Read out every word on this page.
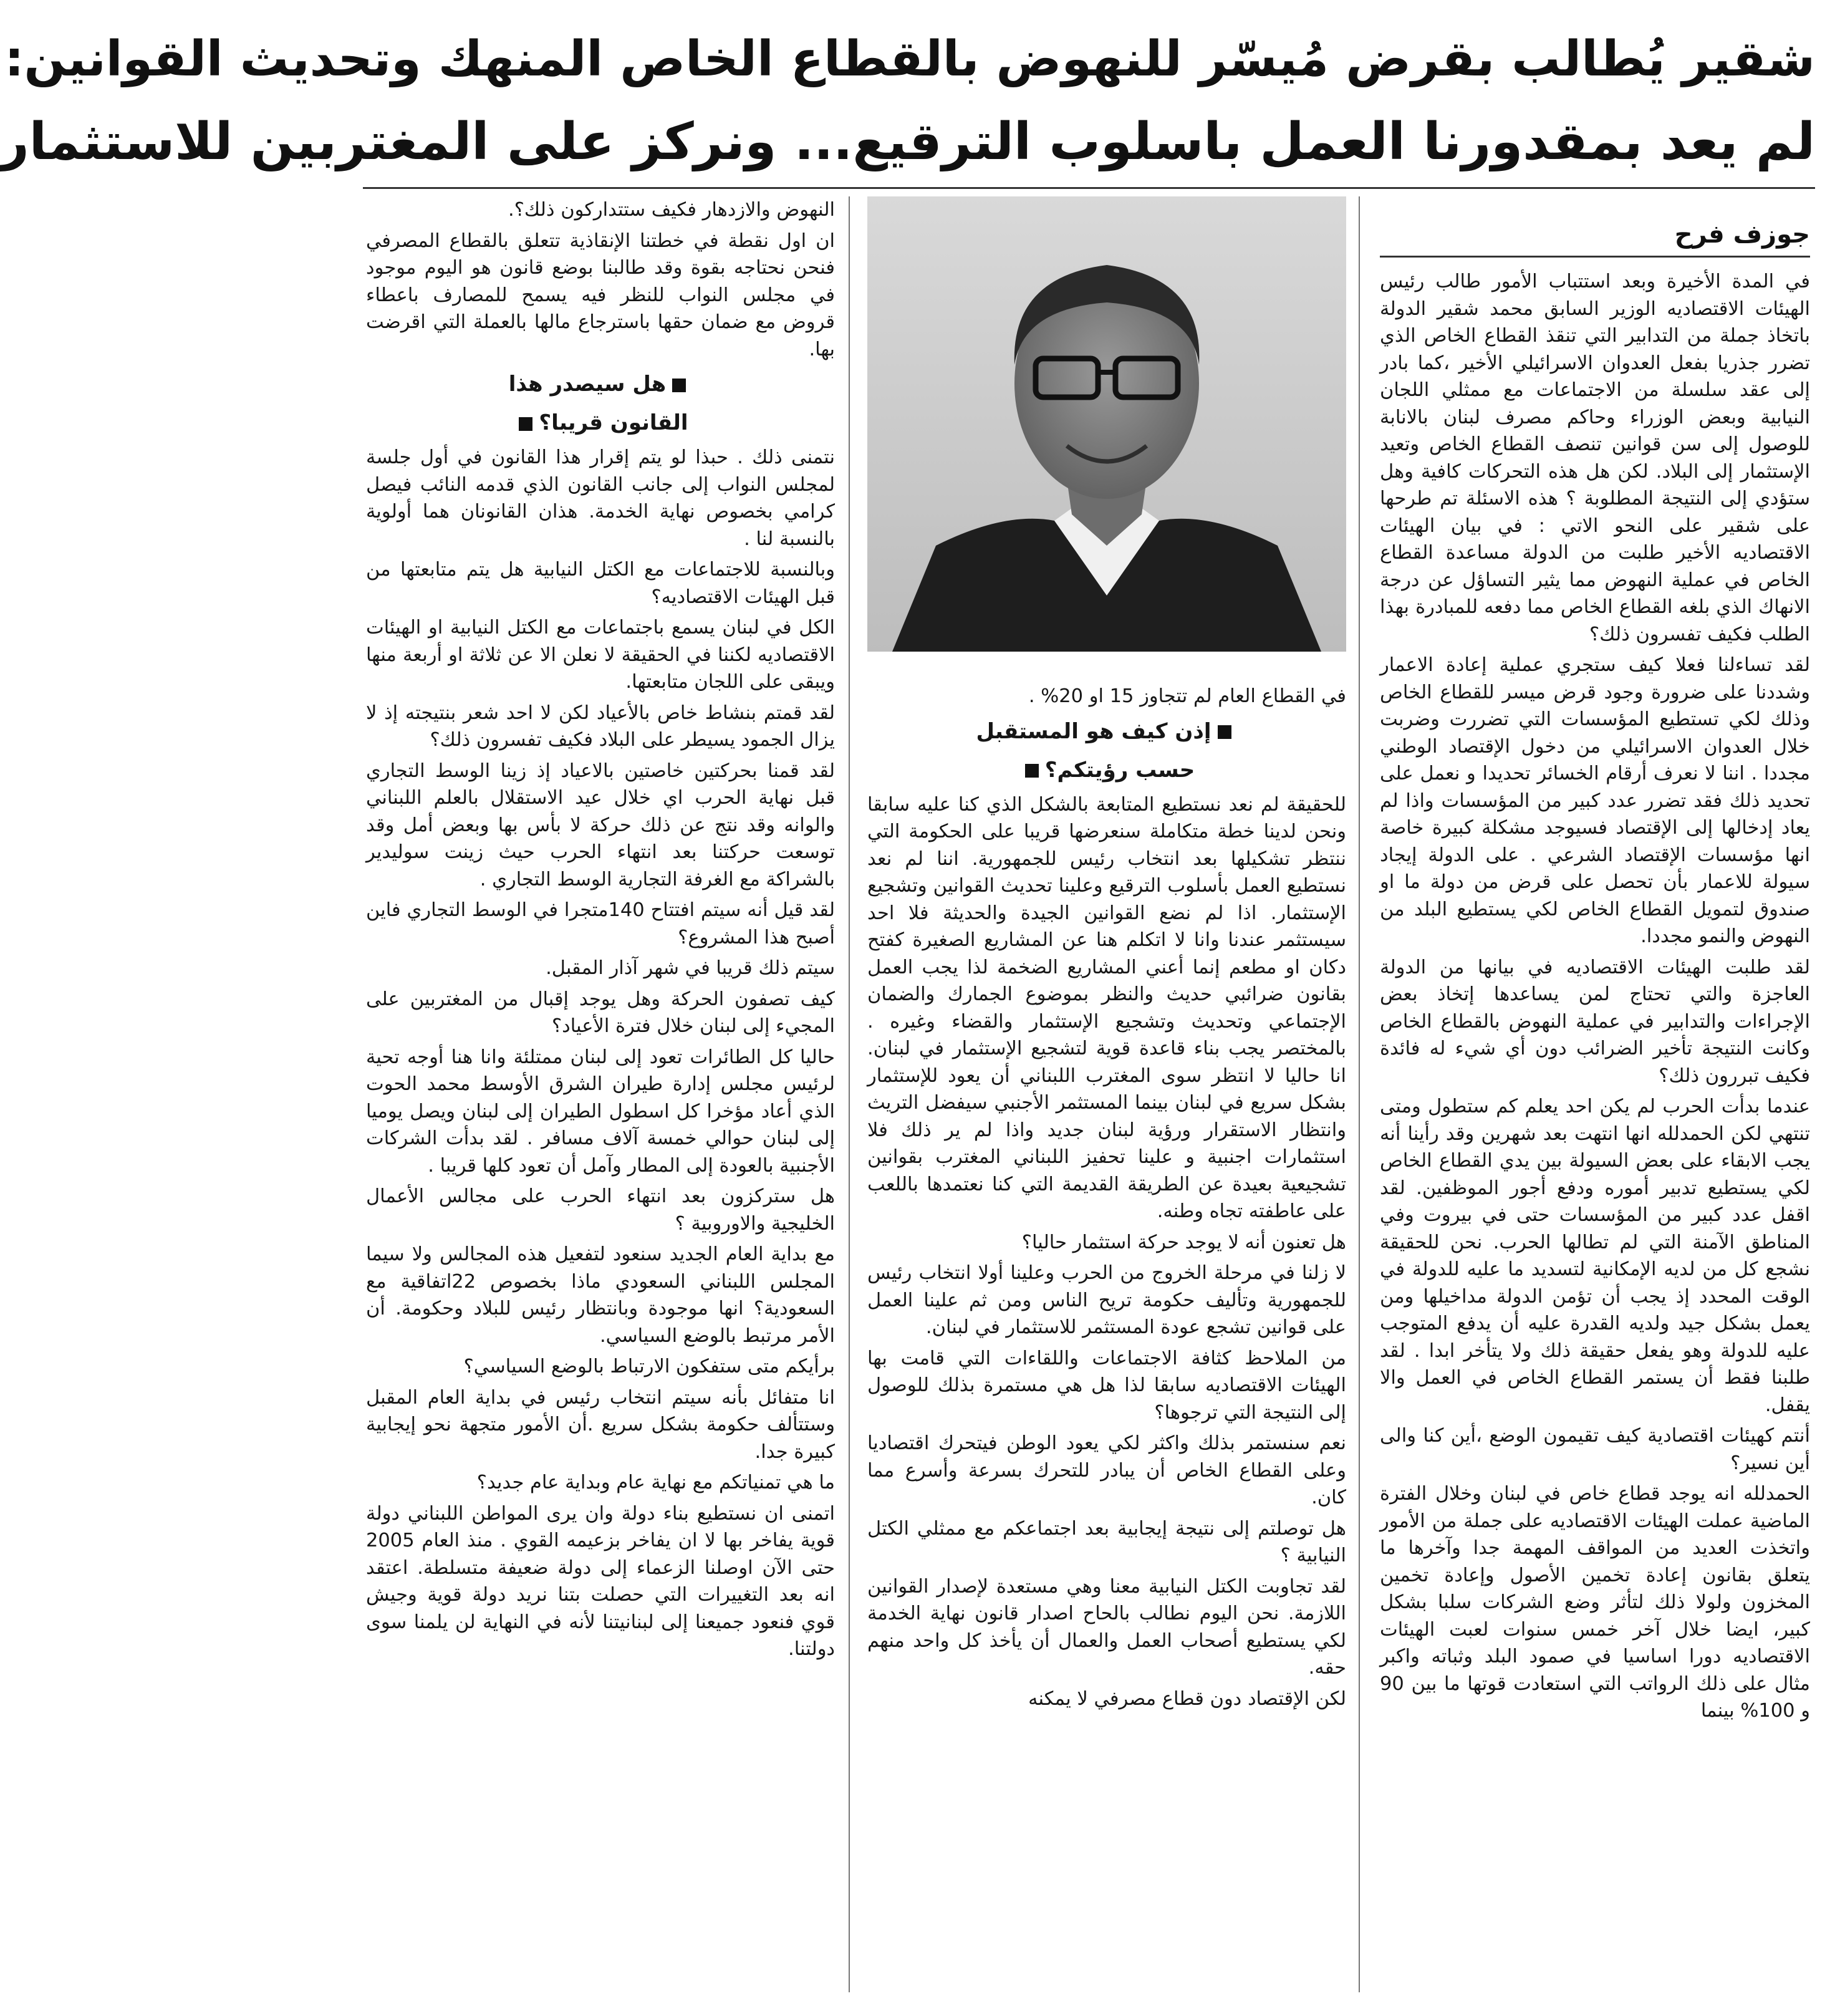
شقير يُطالب بقرض مُيسّر للنهوض بالقطاع الخاص المنهك وتحديث القوانين:
لم يعد بمقدورنا العمل باسلوب الترقيع... ونركز على المغتربين للاستثمار
جوزف فرح

في المدة الأخيرة وبعد استتباب الأمور طالب رئيس الهيئات الاقتصاديه الوزير السابق محمد شقير الدولة باتخاذ جملة من التدابير التي تنقذ القطاع الخاص الذي تضرر جذريا بفعل العدوان الاسرائيلي الأخير ،كما بادر إلى عقد سلسلة من الاجتماعات مع ممثلي اللجان النيابية وبعض الوزراء وحاكم مصرف لبنان بالانابة للوصول إلى سن قوانين تنصف القطاع الخاص وتعيد الإستثمار إلى البلاد. لكن هل هذه التحركات كافية وهل ستؤدي إلى النتيجة المطلوبة ؟ هذه الاسئلة تم طرحها على شقير على النحو الاتي : في بيان الهيئات الاقتصاديه الأخير طلبت من الدولة مساعدة القطاع الخاص في عملية النهوض مما يثير التساؤل عن درجة الانهاك الذي بلغه القطاع الخاص مما دفعه للمبادرة بهذا الطلب فكيف تفسرون ذلك؟

لقد تساءلنا فعلا كيف ستجري عملية إعادة الاعمار وشددنا على ضرورة وجود قرض ميسر للقطاع الخاص وذلك لكي تستطيع المؤسسات التي تضررت وضربت خلال العدوان الاسرائيلي من دخول الإقتصاد الوطني مجددا . اننا لا نعرف أرقام الخسائر تحديدا و نعمل على تحديد ذلك فقد تضرر عدد كبير من المؤسسات واذا لم يعاد إدخالها إلى الإقتصاد فسيوجد مشكلة كبيرة خاصة انها مؤسسات الإقتصاد الشرعي . على الدولة إيجاد سيولة للاعمار بأن تحصل على قرض من دولة ما او صندوق لتمويل القطاع الخاص لكي يستطيع البلد من النهوض والنمو مجددا.

لقد طلبت الهيئات الاقتصاديه في بيانها من الدولة العاجزة والتي تحتاج لمن يساعدها إتخاذ بعض الإجراءات والتدابير في عملية النهوض بالقطاع الخاص وكانت النتيجة تأخير الضرائب دون أي شيء له فائدة فكيف تبررون ذلك؟

عندما بدأت الحرب لم يكن احد يعلم كم ستطول ومتى تنتهي لكن الحمدلله انها انتهت بعد شهرين وقد رأينا أنه يجب الابقاء على بعض السيولة بين يدي القطاع الخاص لكي يستطيع تدبير أموره ودفع أجور الموظفين. لقد اقفل عدد كبير من المؤسسات حتى في بيروت وفي المناطق الآمنة التي لم تطالها الحرب. نحن للحقيقة نشجع كل من لديه الإمكانية لتسديد ما عليه للدولة في الوقت المحدد إذ يجب أن تؤمن الدولة مداخيلها ومن يعمل بشكل جيد ولديه القدرة عليه أن يدفع المتوجب عليه للدولة وهو يفعل حقيقة ذلك ولا يتأخر ابدا . لقد طلبنا فقط أن يستمر القطاع الخاص في العمل والا يقفل.

أنتم كهيئات اقتصادية كيف تقيمون الوضع ،أين كنا والى أين نسير؟

الحمدلله انه يوجد قطاع خاص في لبنان وخلال الفترة الماضية عملت الهيئات الاقتصاديه على جملة من الأمور واتخذت العديد من المواقف المهمة جدا وآخرها ما يتعلق بقانون إعادة تخمين الأصول وإعادة تخمين المخزون ولولا ذلك لتأثر وضع الشركات سلبا بشكل كبير، ايضا خلال آخر خمس سنوات لعبت الهيئات الاقتصاديه دورا اساسيا في صمود البلد وثباته واكبر مثال على ذلك الرواتب التي استعادت قوتها ما بين 90 و 100% بينما

في القطاع العام لم تتجاوز 15 او 20% .

إذن كيف هو المستقبل
حسب رؤيتكم؟

للحقيقة لم نعد نستطيع المتابعة بالشكل الذي كنا عليه سابقا ونحن لدينا خطة متكاملة سنعرضها قريبا على الحكومة التي ننتظر تشكيلها بعد انتخاب رئيس للجمهورية. اننا لم نعد نستطيع العمل بأسلوب الترقيع وعلينا تحديث القوانين وتشجيع الإستثمار. اذا لم نضع القوانين الجيدة والحديثة فلا احد سيستثمر عندنا وانا لا اتكلم هنا عن المشاريع الصغيرة كفتح دكان او مطعم إنما أعني المشاريع الضخمة لذا يجب العمل بقانون ضرائبي حديث والنظر بموضوع الجمارك والضمان الإجتماعي وتحديث وتشجيع الإستثمار والقضاء وغيره . بالمختصر يجب بناء قاعدة قوية لتشجيع الإستثمار في لبنان. انا حاليا لا انتظر سوى المغترب اللبناني أن يعود للإستثمار بشكل سريع في لبنان بينما المستثمر الأجنبي سيفضل التريث وانتظار الاستقرار ورؤية لبنان جديد واذا لم ير ذلك فلا استثمارات اجنبية و علينا تحفيز اللبناني المغترب بقوانين تشجيعية بعيدة عن الطريقة القديمة التي كنا نعتمدها باللعب على عاطفته تجاه وطنه.

هل تعنون أنه لا يوجد حركة استثمار حاليا؟

لا زلنا في مرحلة الخروج من الحرب وعلينا أولا انتخاب رئيس للجمهورية وتأليف حكومة تريح الناس ومن ثم علينا العمل على قوانين تشجع عودة المستثمر للاستثمار في لبنان.

من الملاحظ كثافة الاجتماعات واللقاءات التي قامت بها الهيئات الاقتصاديه سابقا لذا هل هي مستمرة بذلك للوصول إلى النتيجة التي ترجوها؟

نعم سنستمر بذلك واكثر لكي يعود الوطن فيتحرك اقتصاديا وعلى القطاع الخاص أن يبادر للتحرك بسرعة وأسرع مما كان.

هل توصلتم إلى نتيجة إيجابية بعد اجتماعكم مع ممثلي الكتل النيابية ؟

لقد تجاوبت الكتل النيابية معنا وهي مستعدة لإصدار القوانين اللازمة. نحن اليوم نطالب بالحاح اصدار قانون نهاية الخدمة لكي يستطيع أصحاب العمل والعمال أن يأخذ كل واحد منهم حقه.

لكن الإقتصاد دون قطاع مصرفي لا يمكنه

النهوض والازدهار فكيف ستتداركون ذلك؟.

ان اول نقطة في خطتنا الإنقاذية تتعلق بالقطاع المصرفي فنحن نحتاجه بقوة وقد طالبنا بوضع قانون هو اليوم موجود في مجلس النواب للنظر فيه يسمح للمصارف باعطاء قروض مع ضمان حقها باسترجاع مالها بالعملة التي اقرضت بها.

هل سيصدر هذا
القانون قريبا؟

نتمنى ذلك . حبذا لو يتم إقرار هذا القانون في أول جلسة لمجلس النواب إلى جانب القانون الذي قدمه النائب فيصل كرامي بخصوص نهاية الخدمة. هذان القانونان هما أولوية بالنسبة لنا .

وبالنسبة للاجتماعات مع الكتل النيابية هل يتم متابعتها من قبل الهيئات الاقتصاديه؟

الكل في لبنان يسمع باجتماعات مع الكتل النيابية او الهيئات الاقتصاديه لكننا في الحقيقة لا نعلن الا عن ثلاثة او أربعة منها ويبقى على اللجان متابعتها.

لقد قمتم بنشاط خاص بالأعياد لكن لا احد شعر بنتيجته إذ لا يزال الجمود يسيطر على البلاد فكيف تفسرون ذلك؟

لقد قمنا بحركتين خاصتين بالاعياد إذ زينا الوسط التجاري قبل نهاية الحرب اي خلال عيد الاستقلال بالعلم اللبناني والوانه وقد نتج عن ذلك حركة لا بأس بها وبعض أمل وقد توسعت حركتنا بعد انتهاء الحرب حيث زينت سوليدير بالشراكة مع الغرفة التجارية الوسط التجاري .

لقد قيل أنه سيتم افتتاح 140متجرا في الوسط التجاري فاين أصبح هذا المشروع؟

سيتم ذلك قريبا في شهر آذار المقبل.

كيف تصفون الحركة وهل يوجد إقبال من المغتربين على المجيء إلى لبنان خلال فترة الأعياد؟

حاليا كل الطائرات تعود إلى لبنان ممتلئة وانا هنا أوجه تحية لرئيس مجلس إدارة طيران الشرق الأوسط محمد الحوت الذي أعاد مؤخرا كل اسطول الطيران إلى لبنان ويصل يوميا إلى لبنان حوالي خمسة آلاف مسافر . لقد بدأت الشركات الأجنبية بالعودة إلى المطار وآمل أن تعود كلها قريبا .

هل ستركزون بعد انتهاء الحرب على مجالس الأعمال الخليجية والاوروبية ؟

مع بداية العام الجديد سنعود لتفعيل هذه المجالس ولا سيما المجلس اللبناني السعودي ماذا بخصوص 22اتفاقية مع السعودية؟ انها موجودة وبانتظار رئيس للبلاد وحكومة. أن الأمر مرتبط بالوضع السياسي.

برأيكم متى ستفكون الارتباط بالوضع السياسي؟

انا متفائل بأنه سيتم انتخاب رئيس في بداية العام المقبل وستتألف حكومة بشكل سريع .أن الأمور متجهة نحو إيجابية كبيرة جدا.

ما هي تمنياتكم مع نهاية عام وبداية عام جديد؟

اتمنى ان نستطيع بناء دولة وان يرى المواطن اللبناني دولة قوية يفاخر بها لا ان يفاخر بزعيمه القوي . منذ العام 2005 حتى الآن اوصلنا الزعماء إلى دولة ضعيفة متسلطة. اعتقد انه بعد التغييرات التي حصلت بتنا نريد دولة قوية وجيش قوي فنعود جميعنا إلى لبنانيتنا لأنه في النهاية لن يلمنا سوى دولتنا.
